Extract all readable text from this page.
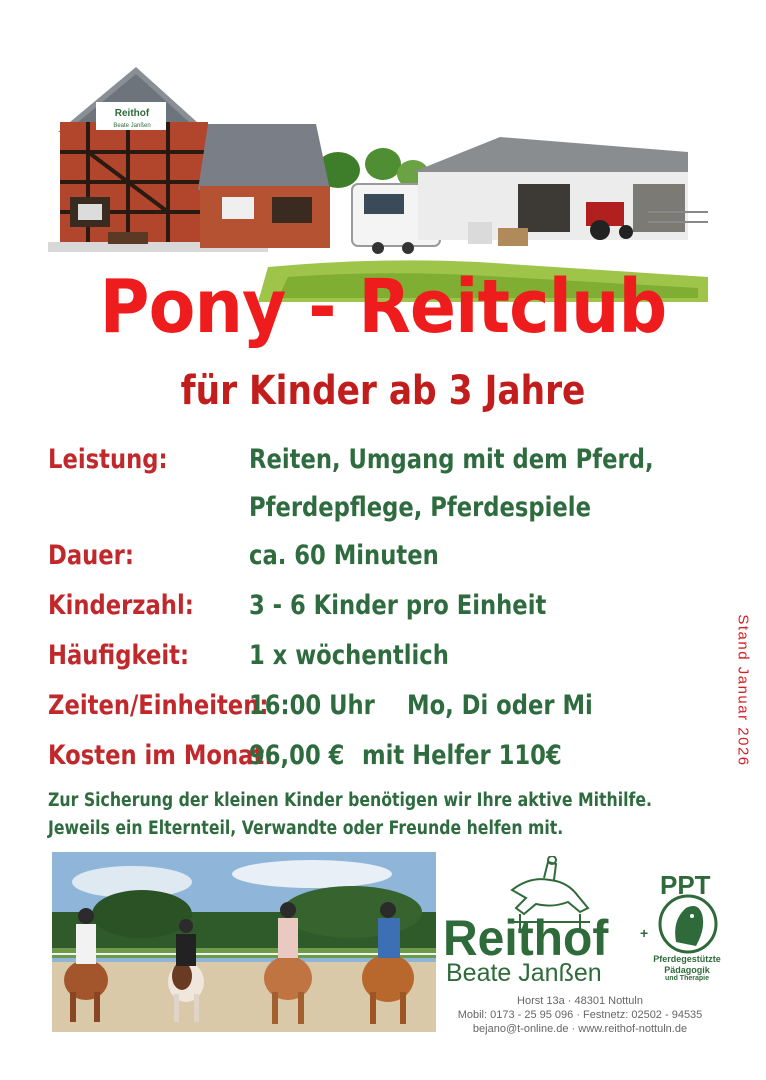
Reithof
Beate Janßen
Pony - Reitclub
für Kinder ab 3 Jahre
Leistung:	Reiten, Umgang mit dem Pferd,
Pferdepflege, Pferdespiele
Dauer:	ca. 60 Minuten
Kinderzahl: 3 - 6 Kinder pro Einheit
Häufigkeit: 1 x wöchentlich
Zeiten/Einheiten:
16:00 Uhr Mo, Di oder Mi
Kosten im Monat:
96,00 € mit Helfer 110€
Zur Sicherung der kleinen Kinder benötigen wir Ihre aktive Mithilfe.
Jeweils ein Elternteil, Verwandte oder Freunde helfen mit.
Stand Januar 2026
+
Reithof
Beate Janßen
PPT
Pferdegestützte
Pädagogik
und Therapie
Horst 13a · 48301 Nottuln
Mobil: 0173 - 25 95 096 · Festnetz: 02502 - 94535
bejano@t-online.de · www.reithof-nottuln.de
